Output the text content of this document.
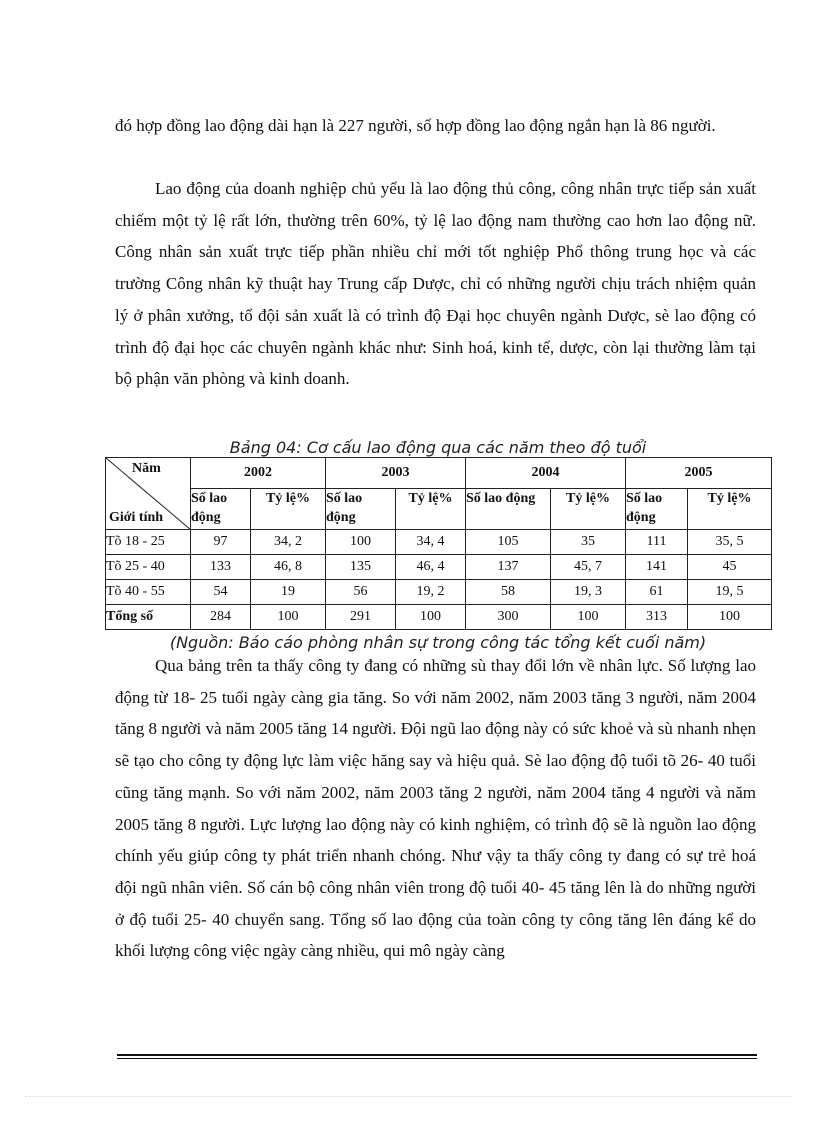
đó hợp đồng lao động dài hạn là 227 người, số hợp đồng lao động ngắn hạn là 86 người.

Lao động của doanh nghiệp chủ yếu là lao động thủ công, công nhân trực tiếp sản xuất chiếm một tỷ lệ rất lớn, thường trên 60%, tỷ lệ lao động nam thường cao hơn lao động nữ. Công nhân sản xuất trực tiếp phần nhiều chỉ mới tốt nghiệp Phổ thông trung học và các trường Công nhân kỹ thuật hay Trung cấp Dược, chỉ có những người chịu trách nhiệm quản lý ở phân xưởng, tổ đội sản xuất là có trình độ Đại học chuyên ngành Dược, sè lao động có trình độ đại học các chuyên ngành khác như: Sinh hoá, kinh tế, dược, còn lại thường làm tại bộ phận văn phòng và kinh doanh.

Bảng 04: Cơ cấu lao động qua các năm theo độ tuổi
Năm
Giới tính	2002		2003		2004		2005	
	Số lao động	Tỷ lệ%	Số lao động	Tỷ lệ%	Số lao động	Tỷ lệ%	Số lao động	Tỷ lệ%
Tõ 18 - 25	97	34, 2	100	34, 4	105	35	111	35, 5
Tõ 25 - 40	133	46, 8	135	46, 4	137	45, 7	141	45
Tõ 40 - 55	54	19	56	19, 2	58	19, 3	61	19, 5
Tổng số	284	100	291	100	300	100	313	100
(Nguồn: Báo cáo phòng nhân sự trong công tác tổng kết cuối năm)

Qua bảng trên ta thấy công ty đang có những sù thay đổi lớn về nhân lực. Số lượng lao động từ 18- 25 tuổi ngày càng gia tăng. So với năm 2002, năm 2003 tăng 3 người, năm 2004 tăng 8 người và năm 2005 tăng 14 người. Đội ngũ lao động này có sức khoẻ và sù nhanh nhẹn sẽ tạo cho công ty động lực làm việc hăng say và hiệu quả. Sè lao động độ tuổi tõ 26- 40 tuổi cũng tăng mạnh. So với năm 2002, năm 2003 tăng 2 người, năm 2004 tăng 4 người và năm 2005 tăng 8 người. Lực lượng lao động này có kinh nghiệm, có trình độ sẽ là nguồn lao động chính yếu giúp công ty phát triển nhanh chóng. Như vậy ta thấy công ty đang có sự trẻ hoá đội ngũ nhân viên. Số cán bộ công nhân viên trong độ tuổi 40- 45 tăng lên là do những người ở độ tuổi 25- 40 chuyển sang. Tổng số lao động của toàn công ty công tăng lên đáng kể do khối lượng công việc ngày càng nhiều, qui mô ngày càng
